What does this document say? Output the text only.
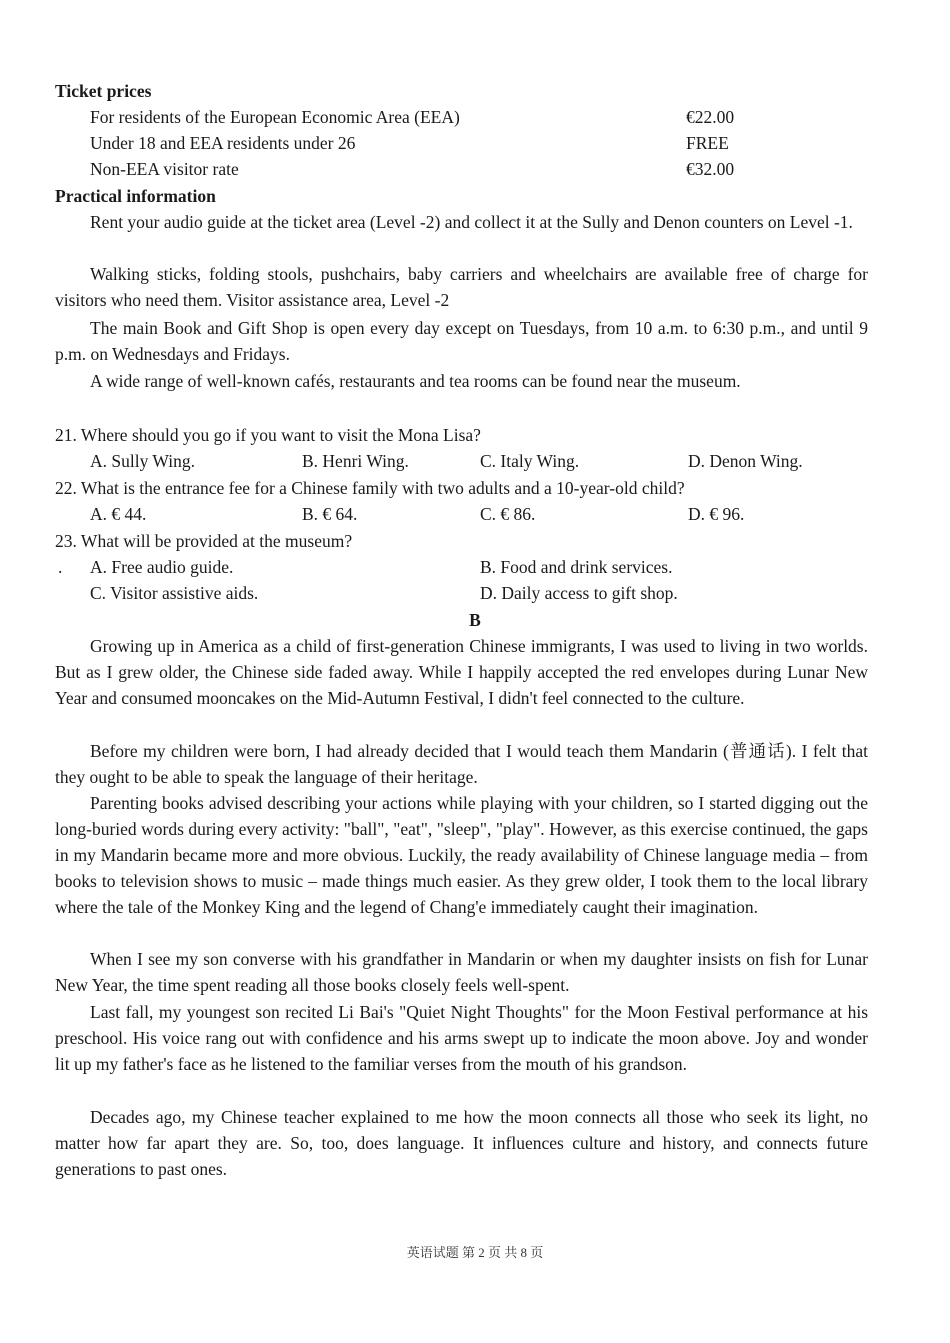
Ticket prices
For residents of the European Economic Area (EEA)	€22.00
Under 18 and EEA residents under 26	FREE
Non-EEA visitor rate	€32.00
Practical information
Rent your audio guide at the ticket area (Level -2) and collect it at the Sully and Denon counters on Level -1.
Walking sticks, folding stools, pushchairs, baby carriers and wheelchairs are available free of charge for visitors who need them. Visitor assistance area, Level -2
The main Book and Gift Shop is open every day except on Tuesdays, from 10 a.m. to 6:30 p.m., and until 9 p.m. on Wednesdays and Fridays.
A wide range of well-known cafés, restaurants and tea rooms can be found near the museum.
21. Where should you go if you want to visit the Mona Lisa?
A. Sully Wing.	B. Henri Wing.	C. Italy Wing.	D. Denon Wing.
22. What is the entrance fee for a Chinese family with two adults and a 10-year-old child?
A. € 44.	B. € 64.	C. € 86.	D. € 96.
23. What will be provided at the museum?
. A. Free audio guide.	B. Food and drink services.
C. Visitor assistive aids.	D. Daily access to gift shop.
B
Growing up in America as a child of first-generation Chinese immigrants, I was used to living in two worlds. But as I grew older, the Chinese side faded away. While I happily accepted the red envelopes during Lunar New Year and consumed mooncakes on the Mid-Autumn Festival, I didn't feel connected to the culture.
Before my children were born, I had already decided that I would teach them Mandarin (普通话). I felt that they ought to be able to speak the language of their heritage.
Parenting books advised describing your actions while playing with your children, so I started digging out the long-buried words during every activity: "ball", "eat", "sleep", "play". However, as this exercise continued, the gaps in my Mandarin became more and more obvious. Luckily, the ready availability of Chinese language media – from books to television shows to music – made things much easier. As they grew older, I took them to the local library where the tale of the Monkey King and the legend of Chang'e immediately caught their imagination.
When I see my son converse with his grandfather in Mandarin or when my daughter insists on fish for Lunar New Year, the time spent reading all those books closely feels well-spent.
Last fall, my youngest son recited Li Bai's "Quiet Night Thoughts" for the Moon Festival performance at his preschool. His voice rang out with confidence and his arms swept up to indicate the moon above. Joy and wonder lit up my father's face as he listened to the familiar verses from the mouth of his grandson.
Decades ago, my Chinese teacher explained to me how the moon connects all those who seek its light, no matter how far apart they are. So, too, does language. It influences culture and history, and connects future generations to past ones.
英语试题 第 2 页 共 8 页
